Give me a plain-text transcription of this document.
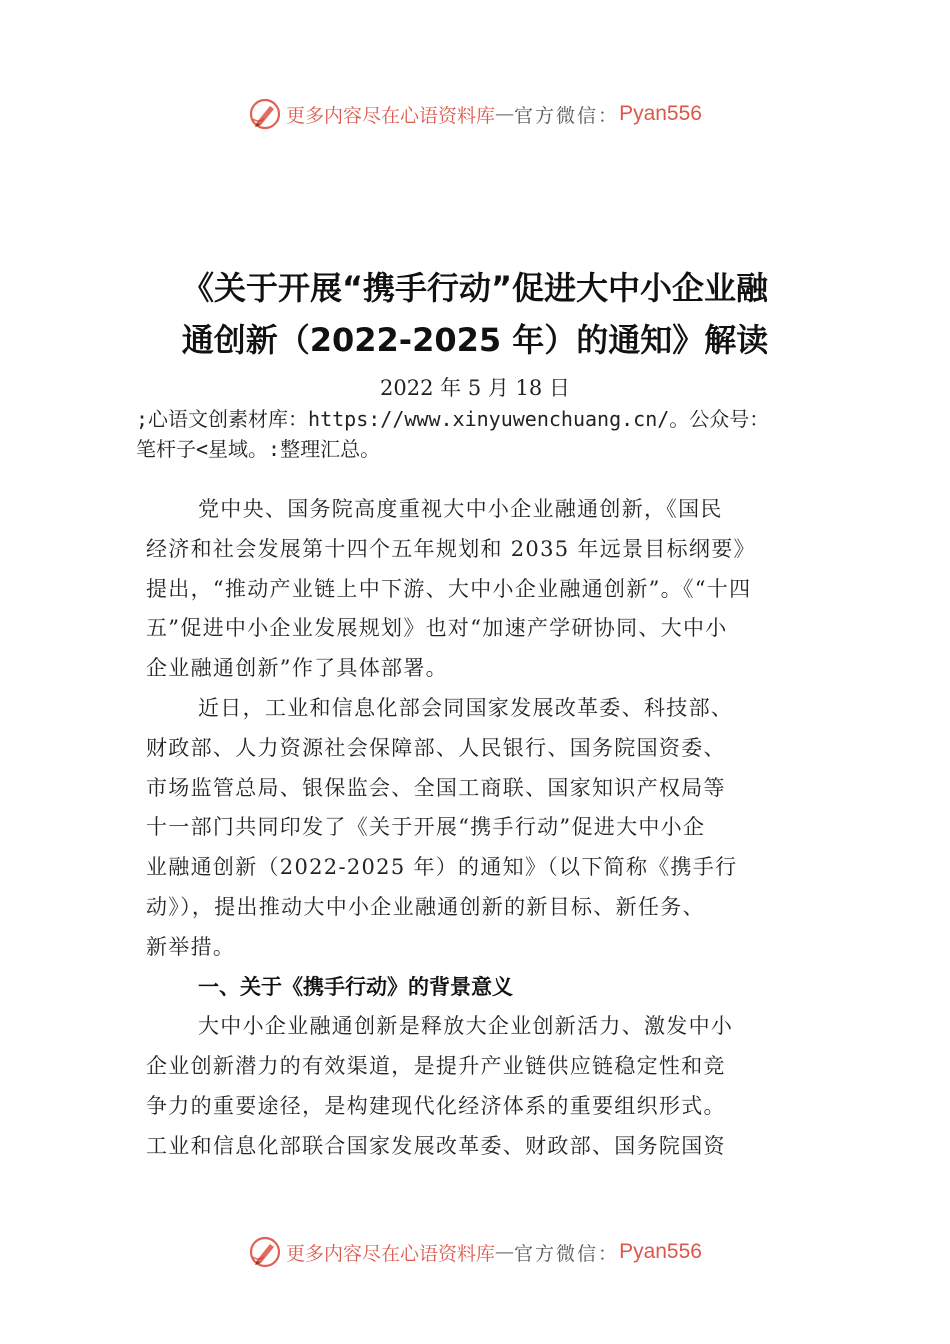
更多内容尽在心语资料库 — 官方微信： Pyan556
《关于开展“携手行动”促进大中小企业融
通创新（2022-2025 年）的通知》解读
2022 年 5 月 18 日
;心语文创素材库：https://www.xinyuwenchuang.cn/。公众号：
笔杆子<星域。:整理汇总。
党中央、国务院高度重视大中小企业融通创新，《国民
经济和社会发展第十四个五年规划和 2035 年远景目标纲要》
提出，“推动产业链上中下游、大中小企业融通创新”。《“十四
五”促进中小企业发展规划》也对“加速产学研协同、大中小
企业融通创新”作了具体部署。
近日，工业和信息化部会同国家发展改革委、科技部、
财政部、人力资源社会保障部、人民银行、国务院国资委、
市场监管总局、银保监会、全国工商联、国家知识产权局等
十一部门共同印发了《关于开展“携手行动”促进大中小企
业融通创新（2022-2025 年）的通知》（以下简称《携手行
动》），提出推动大中小企业融通创新的新目标、新任务、
新举措。
一、关于《携手行动》的背景意义
大中小企业融通创新是释放大企业创新活力、激发中小
企业创新潜力的有效渠道，是提升产业链供应链稳定性和竞
争力的重要途径，是构建现代化经济体系的重要组织形式。
工业和信息化部联合国家发展改革委、财政部、国务院国资
更多内容尽在心语资料库 — 官方微信： Pyan556
